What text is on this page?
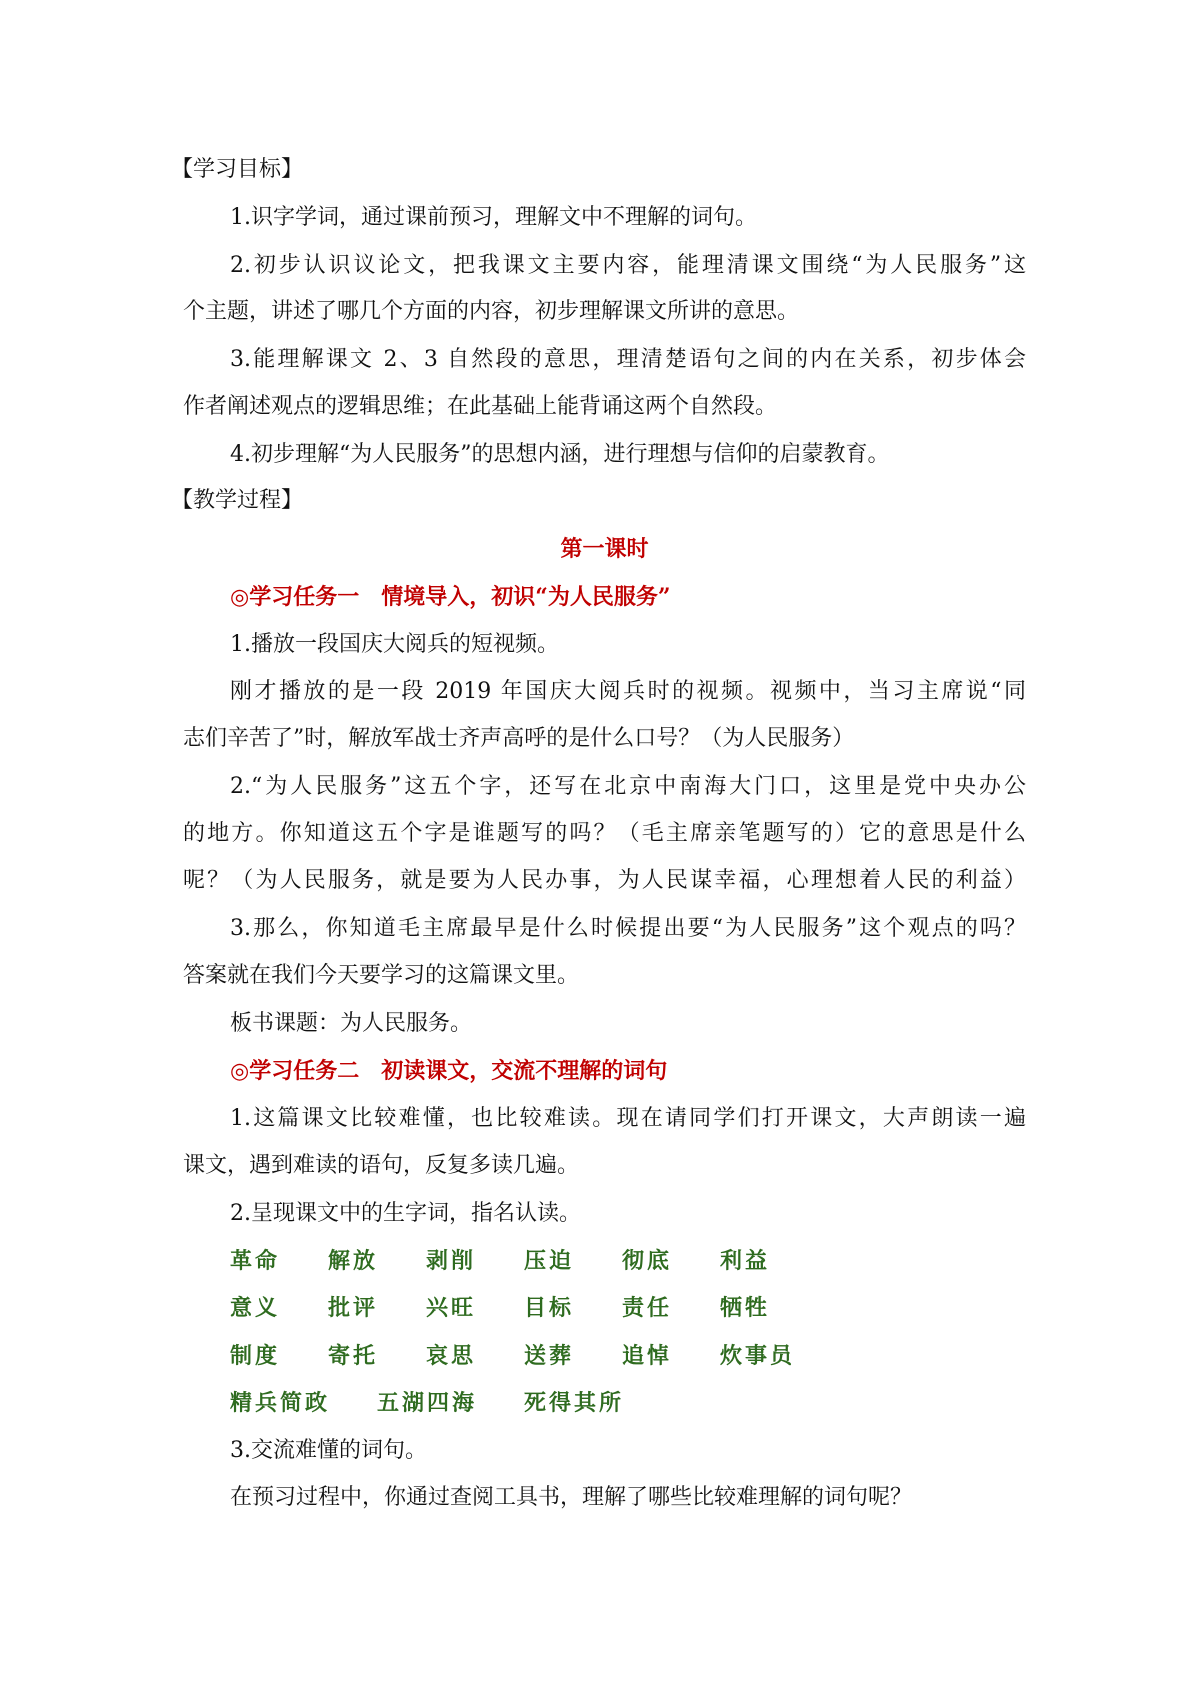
【学习目标】

1.识字学词，通过课前预习，理解文中不理解的词句。

2.初步认识议论文，把我课文主要内容，能理清课文围绕“为人民服务”这

个主题，讲述了哪几个方面的内容，初步理解课文所讲的意思。

3.能理解课文 2、3 自然段的意思，理清楚语句之间的内在关系，初步体会

作者阐述观点的逻辑思维；在此基础上能背诵这两个自然段。

4.初步理解“为人民服务”的思想内涵，进行理想与信仰的启蒙教育。

【教学过程】

第一课时

◎学习任务一　情境导入，初识“为人民服务”

1.播放一段国庆大阅兵的短视频。

刚才播放的是一段 2019 年国庆大阅兵时的视频。视频中，当习主席说“同

志们辛苦了”时，解放军战士齐声高呼的是什么口号？（为人民服务）

2.“为人民服务”这五个字，还写在北京中南海大门口，这里是党中央办公

的地方。你知道这五个字是谁题写的吗？（毛主席亲笔题写的）它的意思是什么

呢？（为人民服务，就是要为人民办事，为人民谋幸福，心理想着人民的利益）

3.那么，你知道毛主席最早是什么时候提出要“为人民服务”这个观点的吗？

答案就在我们今天要学习的这篇课文里。

板书课题：为人民服务。

◎学习任务二　初读课文，交流不理解的词句

1.这篇课文比较难懂，也比较难读。现在请同学们打开课文，大声朗读一遍

课文，遇到难读的语句，反复多读几遍。

2.呈现课文中的生字词，指名认读。

革命 解放 剥削 压迫 彻底 利益
意义 批评 兴旺 目标 责任 牺牲
制度 寄托 哀思 送葬 追悼 炊事员
精兵简政 五湖四海 死得其所

3.交流难懂的词句。

在预习过程中，你通过查阅工具书，理解了哪些比较难理解的词句呢？
